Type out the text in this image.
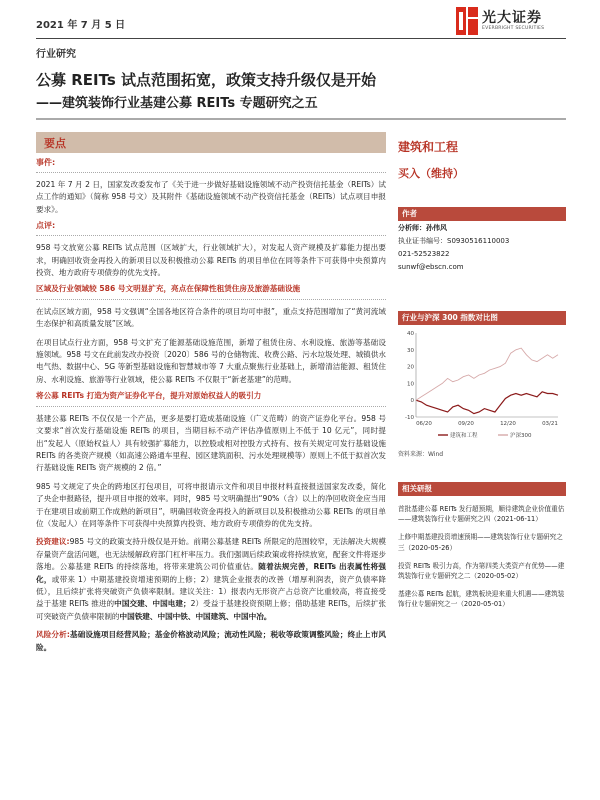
2021 年 7 月 5 日	光大证券
EVERBRIGHT SECURITIES
行业研究
公募 REITs 试点范围拓宽，政策支持升级仅是开始
——建筑装饰行业基建公募 REITs 专题研究之五
要点
事件:

2021 年 7 月 2 日，国家发改委发布了《关于进一步做好基础设施领域不动产投资信托基金（REITs）试点工作的通知》（简称 958 号文）及其附件《基础设施领域不动产投资信托基金（REITs）试点项目申报要求》。

点评:

958 号文放宽公募 REITs 试点范围（区域扩大，行业领域扩大），对发起人资产规模及扩募能力提出要求，明确回收资金再投入的新项目以及积极推动公募 REITs 的项目单位在同等条件下可获得中央预算内投资、地方政府专项债券的优先支持。

区域及行业领域较 586 号文明显扩充，亮点在保障性租赁住房及旅游基础设施

在试点区域方面，958 号文强调“全国各地区符合条件的项目均可申报”，重点支持范围增加了“黄河流域生态保护和高质量发展”区域。

在项目试点行业方面，958 号文扩充了能源基础设施范围，新增了租赁住房、水利设施、旅游等基础设施领域。958 号文在此前发改办投资〔2020〕586 号的仓储物流、收费公路、污水垃圾处理、城镇供水电气热、数据中心、5G 等新型基础设施和智慧城市等 7 大重点聚焦行业基础上，新增清洁能源、租赁住房、水利设施、旅游等行业领域，使公募 REITs 不仅限于“新老基建”的范畴。

将公募 REITs 打造为资产证券化平台，提升对原始权益人的吸引力

基建公募 REITs 不仅仅是一个产品，更多是要打造成基础设施（广义范畴）的资产证券化平台。958 号文要求“首次发行基础设施 REITs 的项目，当期目标不动产评估净值原则上不低于 10 亿元”，同时提出“发起人（原始权益人）具有较强扩募能力，以控股或相对控股方式持有、按有关规定可发行基础设施 REITs 的各类资产规模（如高速公路通车里程、园区建筑面积、污水处理规模等）原则上不低于拟首次发行基础设施 REITs 资产规模的 2 倍。”

985 号文规定了央企的跨地区打包项目，可将申报请示文件和项目申报材料直接报送国家发改委，简化了央企申报路径，提升项目申报的效率。同时，985 号文明确提出“90%（含）以上的净回收资金应当用于在建项目或前期工作成熟的新项目”，明确回收资金再投入的新项目以及积极推动公募 REITs 的项目单位（发起人）在同等条件下可获得中央预算内投资、地方政府专项债券的优先支持。

投资建议:985 号文的政策支持升级仅是开始。前期公募基建 REITs 所限定的范围较窄，无法解决大规模存量资产盘活问题，也无法缓解政府部门杠杆率压力。我们强调后续政策或将持续放宽，配套文件将逐步落地。公募基建 REITs 的持续落地，将带来建筑公司价值重估。随着法规完善，REITs 出表属性将强化，或带来 1）中期基建投资增速预期的上修；2）建筑企业报表的改善（增厚利润表，资产负债率降低），且后续扩张将突破资产负债率限制。建议关注：1）报表内无形资产占总资产比重较高，将直接受益于基建 REITs 推进的中国交建、中国电建；2）受益于基建投资预期上修；借助基建 REITs，后续扩张可突破资产负债率限制的中国铁建、中国中铁、中国建筑、中国中冶。

风险分析:基础设施项目经营风险；基金价格波动风险；流动性风险；税收等政策调整风险；终止上市风险。

建筑和工程
买入（维持）
作者
分析师：孙伟风
执业证书编号：S0930516110003
021-52523822
sunwf@ebscn.com
行业与沪深 300 指数对比图
-10
0
10
20
30
40
06/20	09/20	12/20	03/21
建筑和工程	沪深300
资料来源：Wind
相关研报
首批基建公募 REITs 发行超预期，顺待建筑企业价值重估——建筑装饰行业专题研究之四（2021-06-11）
上修中期基建投资增速预期——建筑装饰行业专题研究之三（2020-05-26）
投资 REITs 吸引力高，作为第四类大类资产有优势——建筑装饰行业专题研究之二（2020-05-02）
基建公募 REITs 起航，建筑板块迎来重大机遇——建筑装饰行业专题研究之一（2020-05-01）
